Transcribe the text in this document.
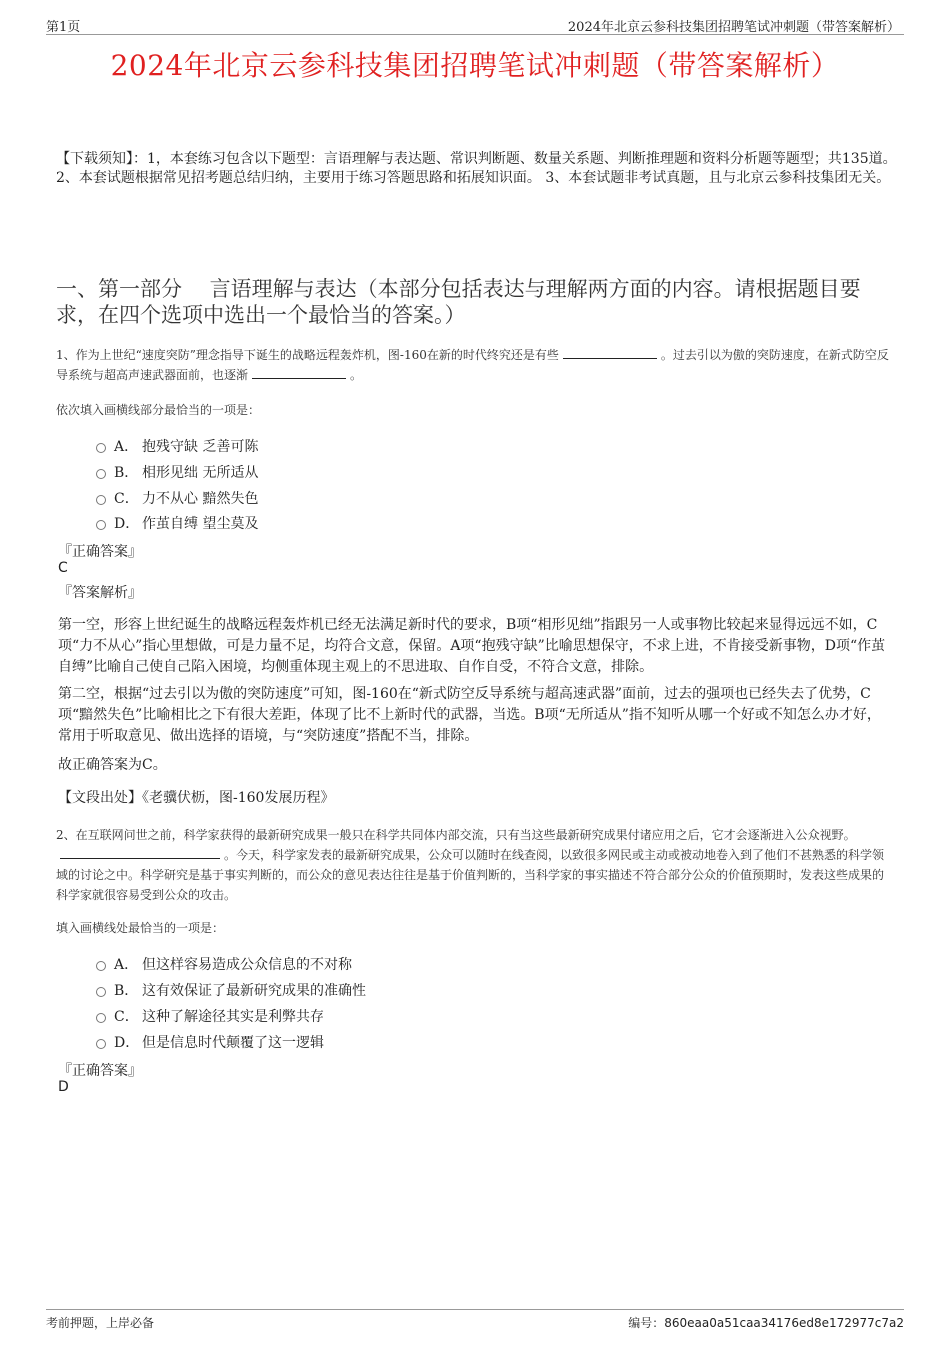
第1页	2024年北京云参科技集团招聘笔试冲刺题（带答案解析）
2024年北京云参科技集团招聘笔试冲刺题（带答案解析）
【下载须知】：1，本套练习包含以下题型：言语理解与表达题、常识判断题、数量关系题、判断推理题和资料分析题等题型；共135道。 2、本套试题根据常见招考题总结归纳，主要用于练习答题思路和拓展知识面。 3、本套试题非考试真题，且与北京云参科技集团无关。
一、第一部分　 言语理解与表达（本部分包括表达与理解两方面的内容。请根据题目要求，在四个选项中选出一个最恰当的答案。）
1、作为上世纪“速度突防”理念指导下诞生的战略远程轰炸机，图-160在新的时代终究还是有些	。过去引以为傲的突防速度，在新式防空反导系统与超高声速武器面前，也逐渐	。
依次填入画横线部分最恰当的一项是：
A． 抱残守缺 乏善可陈
B． 相形见绌 无所适从
C． 力不从心 黯然失色
D． 作茧自缚 望尘莫及
『正确答案』
C
『答案解析』
第一空，形容上世纪诞生的战略远程轰炸机已经无法满足新时代的要求，B项“相形见绌”指跟另一人或事物比较起来显得远远不如，C项“力不从心”指心里想做，可是力量不足，均符合文意，保留。A项“抱残守缺”比喻思想保守，不求上进，不肯接受新事物，D项“作茧自缚”比喻自己使自己陷入困境，均侧重体现主观上的不思进取、自作自受，不符合文意，排除。
第二空，根据“过去引以为傲的突防速度”可知，图-160在“新式防空反导系统与超高速武器”面前，过去的强项也已经失去了优势，C项“黯然失色”比喻相比之下有很大差距，体现了比不上新时代的武器，当选。B项“无所适从”指不知听从哪一个好或不知怎么办才好，常用于听取意见、做出选择的语境，与“突防速度”搭配不当，排除。
故正确答案为C。
【文段出处】《老骥伏枥，图-160发展历程》
2、在互联网问世之前，科学家获得的最新研究成果一般只在科学共同体内部交流，只有当这些最新研究成果付诸应用之后，它才会逐渐进入公众视野。。今天，科学家发表的最新研究成果，公众可以随时在线查阅，以致很多网民或主动或被动地卷入到了他们不甚熟悉的科学领域的讨论之中。科学研究是基于事实判断的，而公众的意见表达往往是基于价值判断的，当科学家的事实描述不符合部分公众的价值预期时，发表这些成果的科学家就很容易受到公众的攻击。
填入画横线处最恰当的一项是：
A． 但这样容易造成公众信息的不对称
B． 这有效保证了最新研究成果的准确性
C． 这种了解途径其实是利弊共存
D． 但是信息时代颠覆了这一逻辑
『正确答案』
D
考前押题，上岸必备	编号：860eaa0a51caa34176ed8e172977c7a2
